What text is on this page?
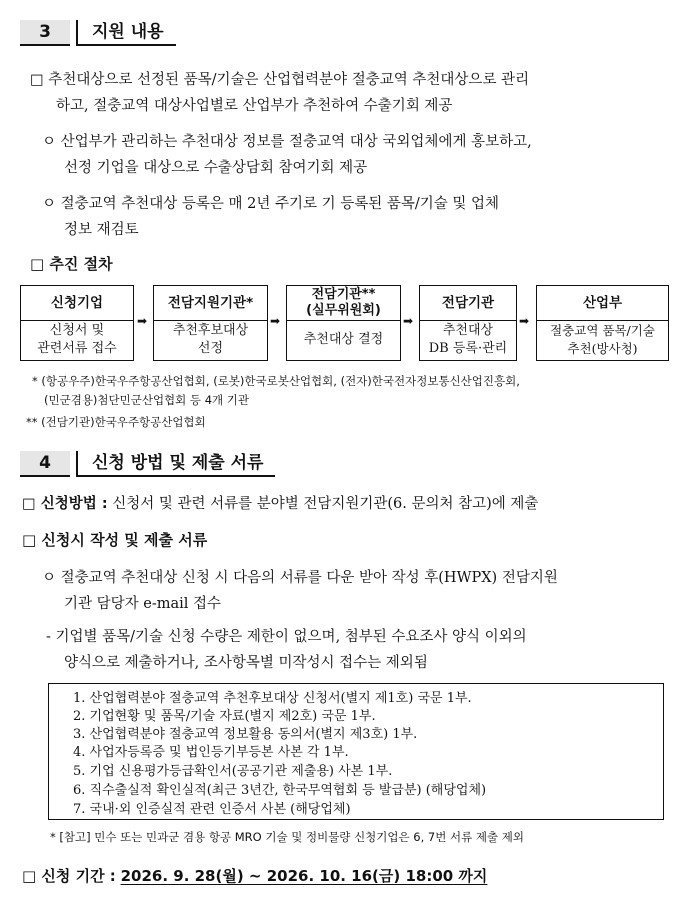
3	지원 내용
□ 추천대상으로 선정된 품목/기술은 산업협력분야 절충교역 추천대상으로 관리
하고, 절충교역 대상사업별로 산업부가 추천하여 수출기회 제공
ㅇ 산업부가 관리하는 추천대상 정보를 절충교역 대상 국외업체에게 홍보하고,
선정 기업을 대상으로 수출상담회 참여기회 제공
ㅇ 절충교역 추천대상 등록은 매 2년 주기로 기 등록된 품목/기술 및 업체
정보 재검토
□ 추진 절차
신청기업
신청서 및
관련서류 접수
➡
전담지원기관*
추천후보대상
선정
➡
전담기관**
(실무위원회)
추천대상 결정
➡
전담기관
추천대상
DB 등록·관리
➡
산업부
절충교역 품목/기술
추천(방사청)
* (항공우주)한국우주항공산업협회, (로봇)한국로봇산업협회, (전자)한국전자정보통신산업진흥회,
(민군겸용)첨단민군산업협회 등 4개 기관
** (전담기관)한국우주항공산업협회
4	신청 방법 및 제출 서류
□ 신청방법 : 신청서 및 관련 서류를 분야별 전담지원기관(6. 문의처 참고)에 제출
□ 신청시 작성 및 제출 서류
ㅇ 절충교역 추천대상 신청 시 다음의 서류를 다운 받아 작성 후(HWPX) 전담지원
기관 담당자 e-mail 접수
- 기업별 품목/기술 신청 수량은 제한이 없으며, 첨부된 수요조사 양식 이외의
양식으로 제출하거나, 조사항목별 미작성시 접수는 제외됨
1. 산업협력분야 절충교역 추천후보대상 신청서(별지 제1호) 국문 1부.
2. 기업현황 및 품목/기술 자료(별지 제2호) 국문 1부.
3. 산업협력분야 절충교역 정보활용 동의서(별지 제3호) 1부.
4. 사업자등록증 및 법인등기부등본 사본 각 1부.
5. 기업 신용평가등급확인서(공공기관 제출용) 사본 1부.
6. 직수출실적 확인실적(최근 3년간, 한국무역협회 등 발급분) (해당업체)
7. 국내·외 인증실적 관련 인증서 사본 (해당업체)
* [참고] 민수 또는 민과군 겸용 항공 MRO 기술 및 정비물량 신청기업은 6, 7번 서류 제출 제외
□ 신청 기간 : 2026. 9. 28(월) ~ 2026. 10. 16(금) 18:00 까지
